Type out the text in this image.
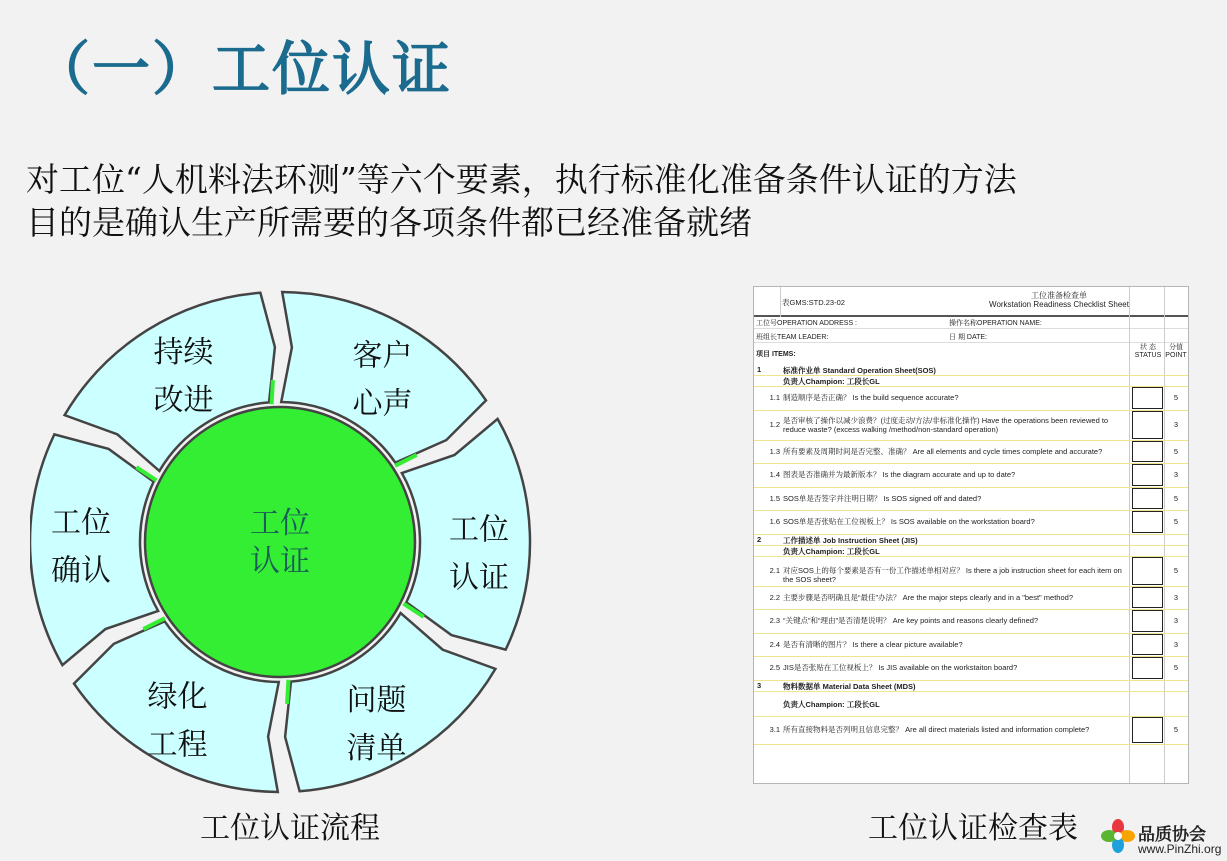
（一）工位认证
对工位“人机料法环测”等六个要素，执行标准化准备条件认证的方法
目的是确认生产所需要的各项条件都已经准备就绪
工位
认证
持续
改进
客户
心声
工位
认证
问题
清单
绿化
工程
工位
确认
工位认证流程	工位认证检查表
表GMS:STD.23-02
工位准备检查单
Workstation Readiness Checklist Sheet
工位号OPERATION ADDRESS :	操作名称OPERATION NAME:
班组长TEAM LEADER:	日 期 DATE:
项目 ITEMS:
状 态
STATUS
分值
POINT
1	标准作业单 Standard Operation Sheet(SOS)
负责人Champion: 工段长GL
1.1 制造顺序是否正确？ Is the build sequence accurate?	5
1.2 是否审核了操作以减少浪费？(过度走动/方法/非标准化操作) Have the operations been reviewed to reduce waste? (excess walking /method/non-standard operation)	3
1.3 所有要素及周期时间是否完整、准确？ Are all elements and cycle times complete and accurate?	5
1.4 图表是否准确并为最新版本？ Is the diagram accurate and up to date?	3
1.5 SOS单是否签字并注明日期？ Is SOS signed off and dated?	5
1.6 SOS单是否张贴在工位视板上？ Is SOS available on the workstation board?	5
2	工作描述单 Job Instruction Sheet (JIS)
负责人Champion: 工段长GL
2.1 对应SOS上的每个要素是否有一份工作描述单相对应？ Is there a job instruction sheet for each item on the SOS sheet?
5
2.2 主要步骤是否明确且是“最佳”办法？ Are the major steps clearly and in a "best" method?	3
2.3 “关键点”和“理由”是否清楚说明？ Are key points and reasons clearly defined?	3
2.4 是否有清晰的图片？ Is there a clear picture available?	3
2.5 JIS是否张贴在工位视板上？ Is JIS available on the workstaiton board?	5
3	物料数据单 Material Data Sheet (MDS)
负责人Champion: 工段长GL
3.1 所有直接物料是否列明且信息完整？ Are all direct materials listed and information complete?	5
品质协会
www.PinZhi.org
